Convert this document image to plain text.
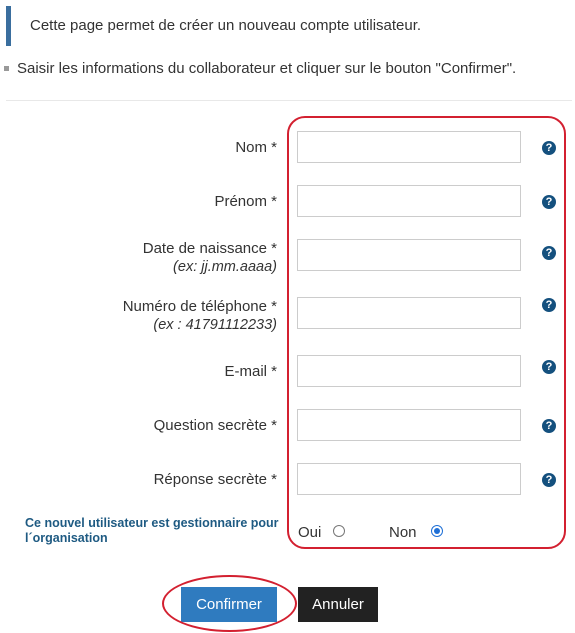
Cette page permet de créer un nouveau compte utilisateur.
Saisir les informations du collaborateur et cliquer sur le bouton "Confirmer".
Nom *	?
Prénom *	?
Date de naissance *
(ex: jj.mm.aaaa)
?
Numéro de téléphone *
(ex : 41791112233)
?
E-mail *	?
Question secrète *	?
Réponse secrète *	?
Ce nouvel utilisateur est gestionnaire pour l´organisation	Oui	Non
Confirmer	Annuler
